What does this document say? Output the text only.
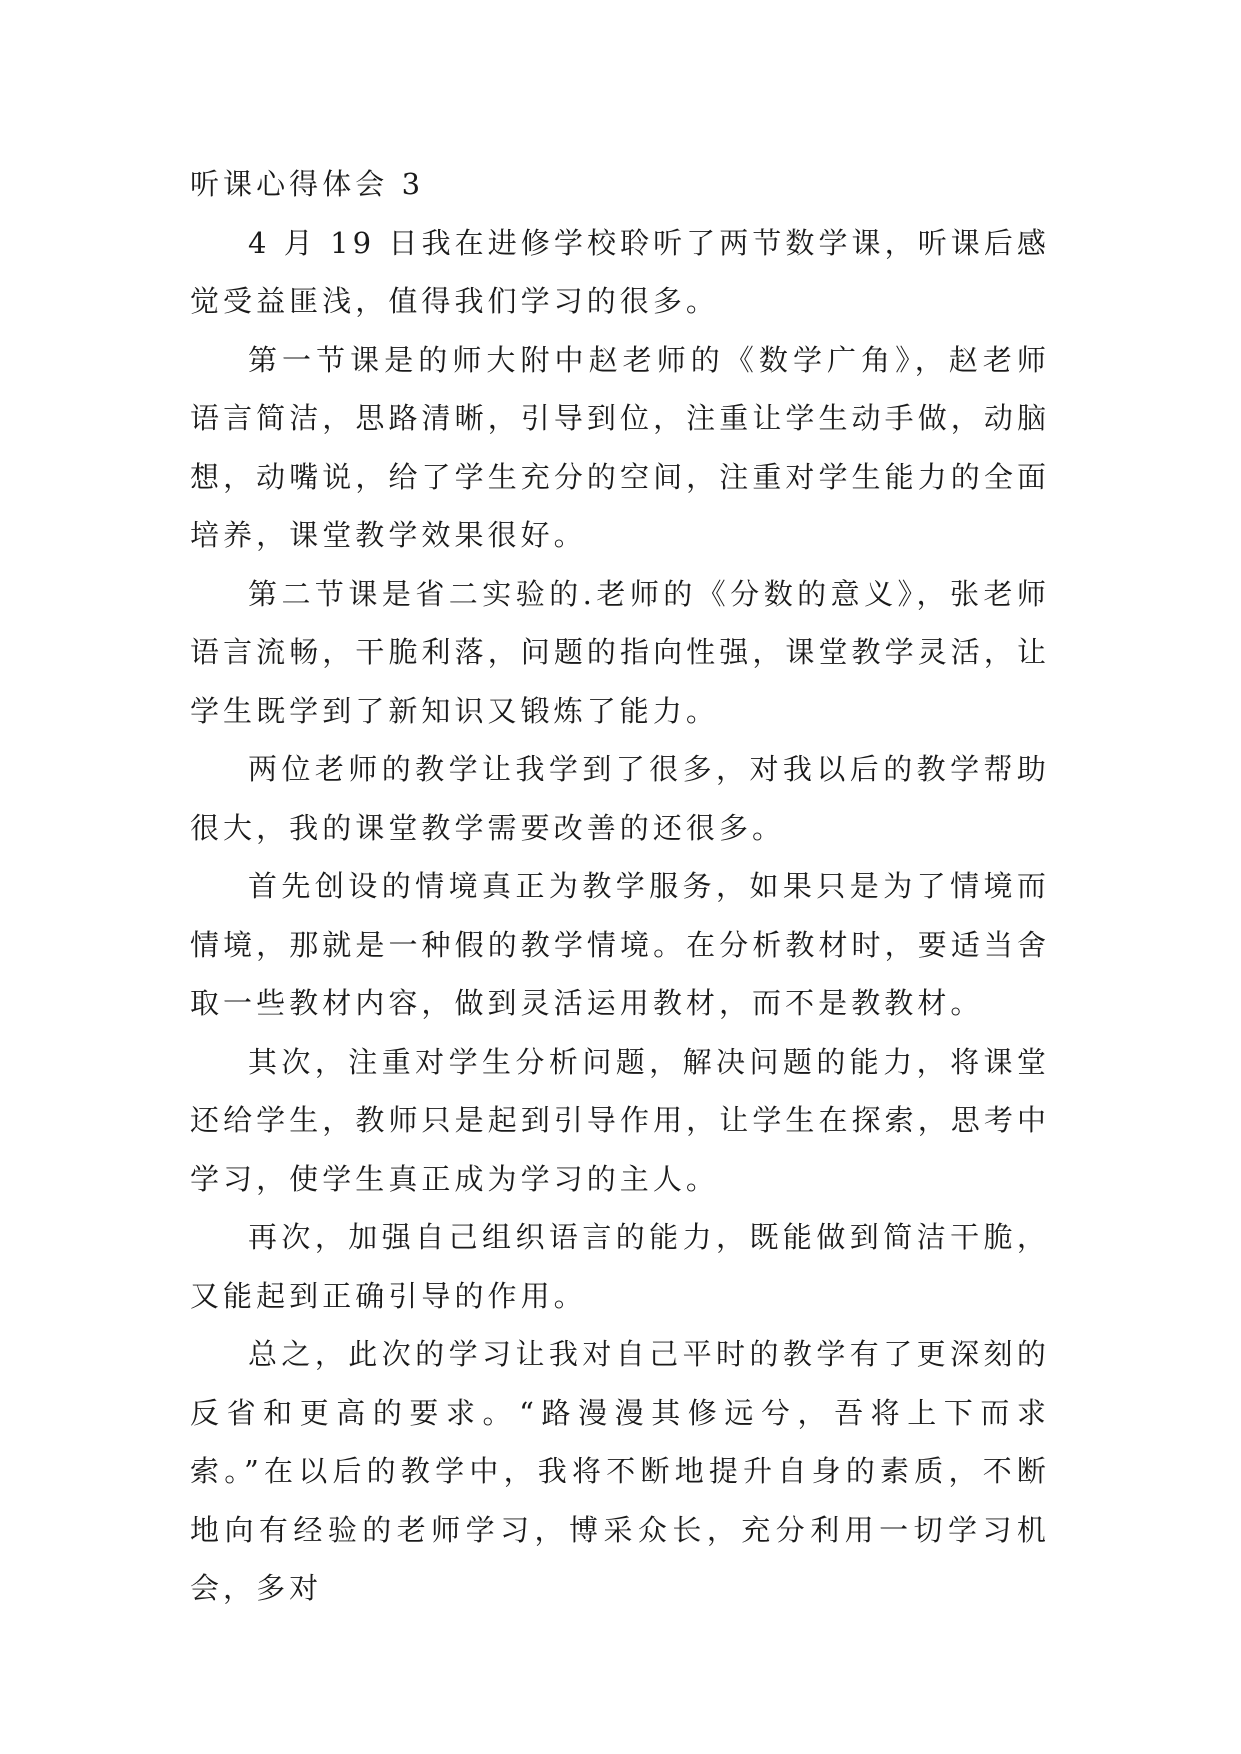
听课心得体会 3

4 月 19 日我在进修学校聆听了两节数学课，听课后感觉受益匪浅，值得我们学习的很多。

第一节课是的师大附中赵老师的《数学广角》，赵老师语言简洁，思路清晰，引导到位，注重让学生动手做，动脑想，动嘴说，给了学生充分的空间，注重对学生能力的全面培养，课堂教学效果很好。

第二节课是省二实验的.老师的《分数的意义》，张老师语言流畅，干脆利落，问题的指向性强，课堂教学灵活，让学生既学到了新知识又锻炼了能力。

两位老师的教学让我学到了很多，对我以后的教学帮助很大，我的课堂教学需要改善的还很多。

首先创设的情境真正为教学服务，如果只是为了情境而情境，那就是一种假的教学情境。在分析教材时，要适当舍取一些教材内容，做到灵活运用教材，而不是教教材。

其次，注重对学生分析问题，解决问题的能力，将课堂还给学生，教师只是起到引导作用，让学生在探索，思考中学习，使学生真正成为学习的主人。

再次，加强自己组织语言的能力，既能做到简洁干脆，又能起到正确引导的作用。

总之，此次的学习让我对自己平时的教学有了更深刻的反省和更高的要求。“路漫漫其修远兮，吾将上下而求索。”在以后的教学中，我将不断地提升自身的素质，不断地向有经验的老师学习，博采众长，充分利用一切学习机会，多对
